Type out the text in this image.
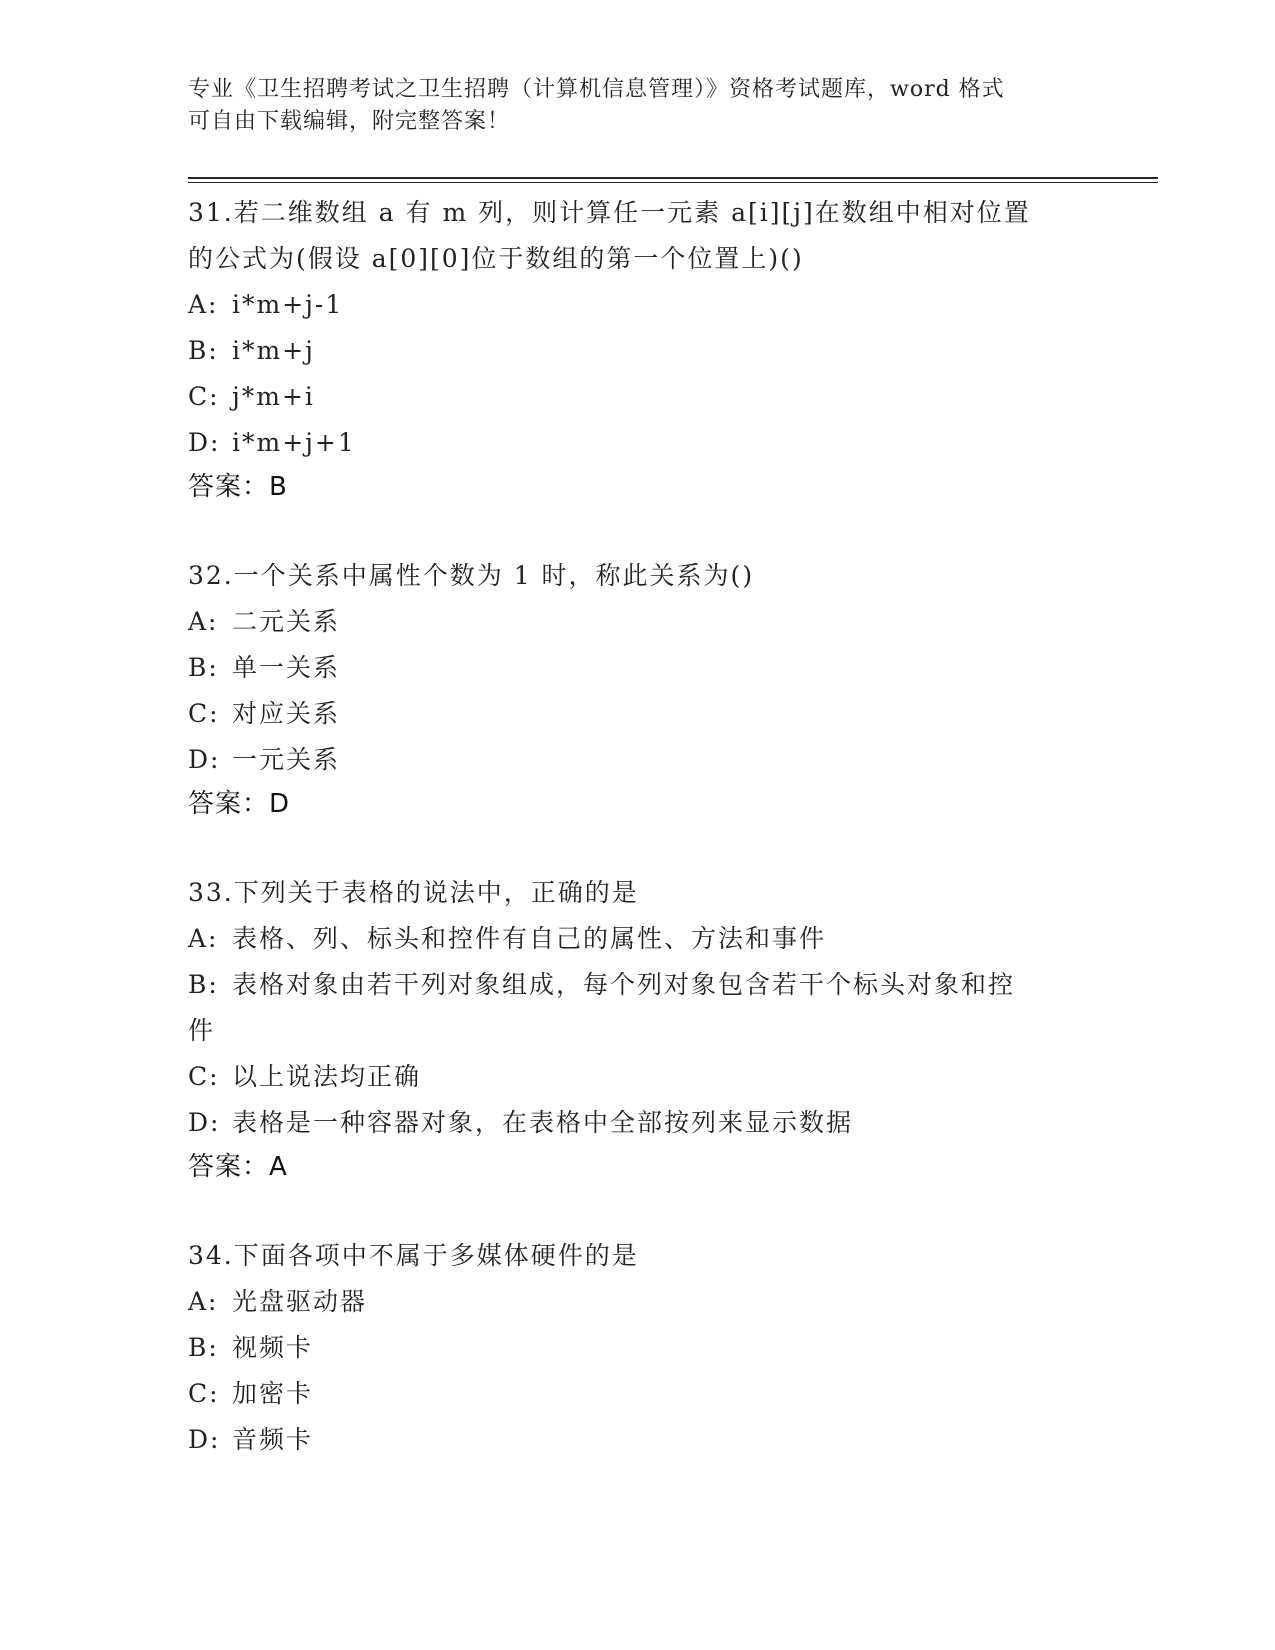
专业《卫生招聘考试之卫生招聘（计算机信息管理）》资格考试题库，word 格式
可自由下载编辑，附完整答案！
31.若二维数组 a 有 m 列，则计算任一元素 a[i][j]在数组中相对位置
的公式为(假设 a[0][0]位于数组的第一个位置上)()
A: i*m+j-1
B: i*m+j
C: j*m+i
D: i*m+j+1
答案：B
32.一个关系中属性个数为 1 时，称此关系为()
A: 二元关系
B: 单一关系
C: 对应关系
D: 一元关系
答案：D
33.下列关于表格的说法中，正确的是
A: 表格、列、标头和控件有自己的属性、方法和事件
B: 表格对象由若干列对象组成，每个列对象包含若干个标头对象和控
件
C: 以上说法均正确
D: 表格是一种容器对象，在表格中全部按列来显示数据
答案：A
34.下面各项中不属于多媒体硬件的是
A: 光盘驱动器
B: 视频卡
C: 加密卡
D: 音频卡
